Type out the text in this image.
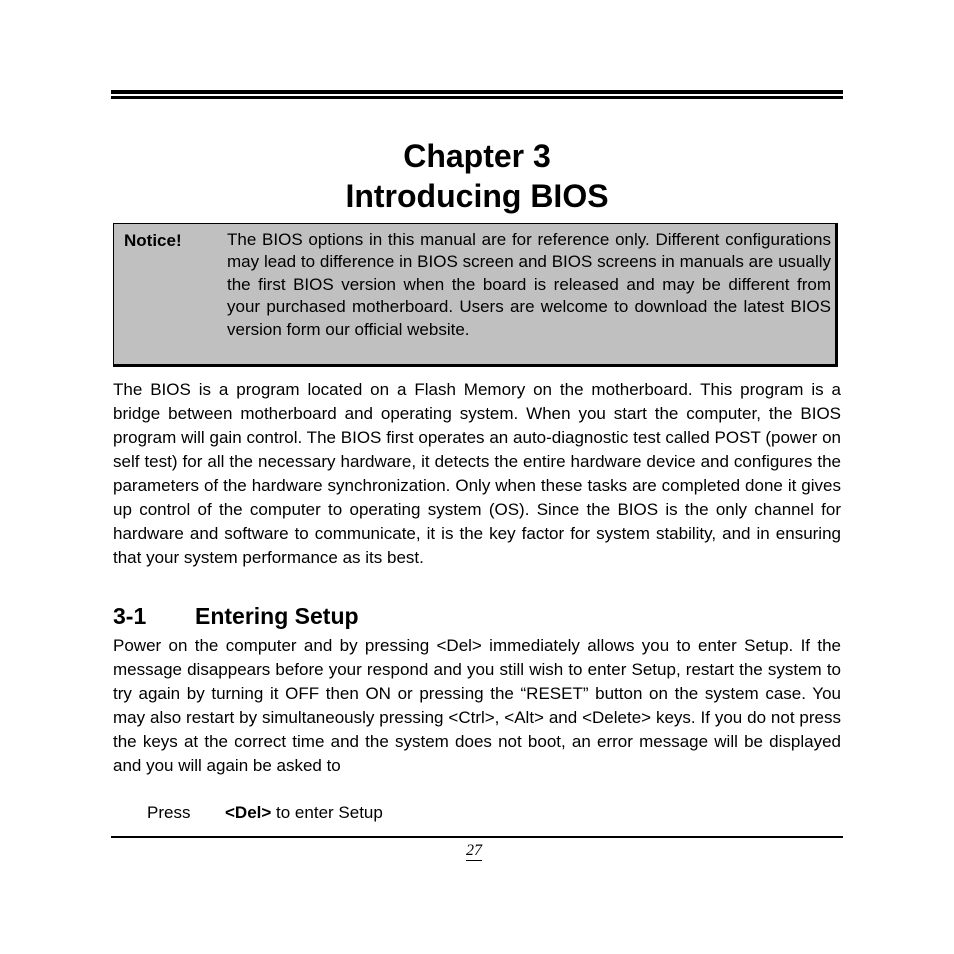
Chapter 3
Introducing BIOS
Notice!	The BIOS options in this manual are for reference only. Different configurations may lead to difference in BIOS screen and BIOS screens in manuals are usually the first BIOS version when the board is released and may be different from your purchased motherboard. Users are welcome to download the latest BIOS version form our official website.
The BIOS is a program located on a Flash Memory on the motherboard. This program is a bridge between motherboard and operating system. When you start the computer, the BIOS program will gain control. The BIOS first operates an auto-diagnostic test called POST (power on self test) for all the necessary hardware, it detects the entire hardware device and configures the parameters of the hardware synchronization. Only when these tasks are completed done it gives up control of the computer to operating system (OS). Since the BIOS is the only channel for hardware and software to communicate, it is the key factor for system stability, and in ensuring that your system performance as its best.
3-1 Entering Setup
Power on the computer and by pressing <Del> immediately allows you to enter Setup. If the message disappears before your respond and you still wish to enter Setup, restart the system to try again by turning it OFF then ON or pressing the “RESET” button on the system case. You may also restart by simultaneously pressing <Ctrl>, <Alt> and <Delete> keys. If you do not press the keys at the correct time and the system does not boot, an error message will be displayed and you will again be asked to
Press <Del> to enter Setup
27
